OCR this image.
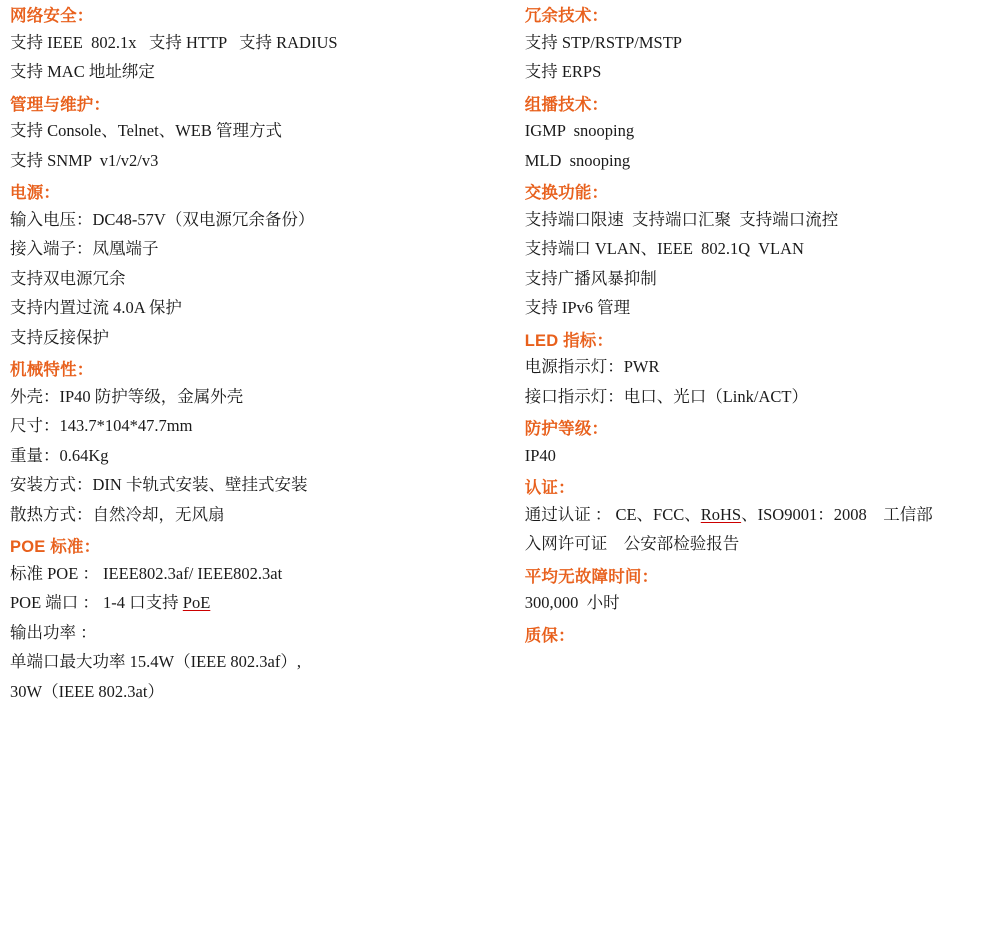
网络安全：
支持 IEEE  802.1x   支持 HTTP   支持 RADIUS
支持 MAC 地址绑定
管理与维护：
支持 Console、Telnet、WEB 管理方式
支持 SNMP  v1/v2/v3
电源：
输入电压：DC48-57V（双电源冗余备份）
接入端子：凤凰端子
支持双电源冗余
支持内置过流 4.0A 保护
支持反接保护
机械特性：
外壳：IP40 防护等级，金属外壳
尺寸：143.7*104*47.7mm
重量：0.64Kg
安装方式：DIN 卡轨式安装、壁挂式安装
散热方式：自然冷却，无风扇
POE 标准：
标准 POE ： IEEE802.3af/ IEEE802.3at
POE 端口 ： 1-4 口支持 PoE
输出功率 ：
单端口最大功率 15.4W（IEEE 802.3af）,
30W（IEEE 802.3at）
冗余技术：
支持 STP/RSTP/MSTP
支持 ERPS
组播技术：
IGMP  snooping
MLD  snooping
交换功能：
支持端口限速  支持端口汇聚  支持端口流控
支持端口 VLAN、IEEE  802.1Q  VLAN
支持广播风暴抑制
支持 IPv6 管理
LED 指标：
电源指示灯：PWR
接口指示灯：电口、光口（Link/ACT）
防护等级：
IP40
认证：
通过认证 ： CE、FCC、RoHS、ISO9001：2008    工信部
入网许可证    公安部检验报告
平均无故障时间：
300,000  小时
质保：
